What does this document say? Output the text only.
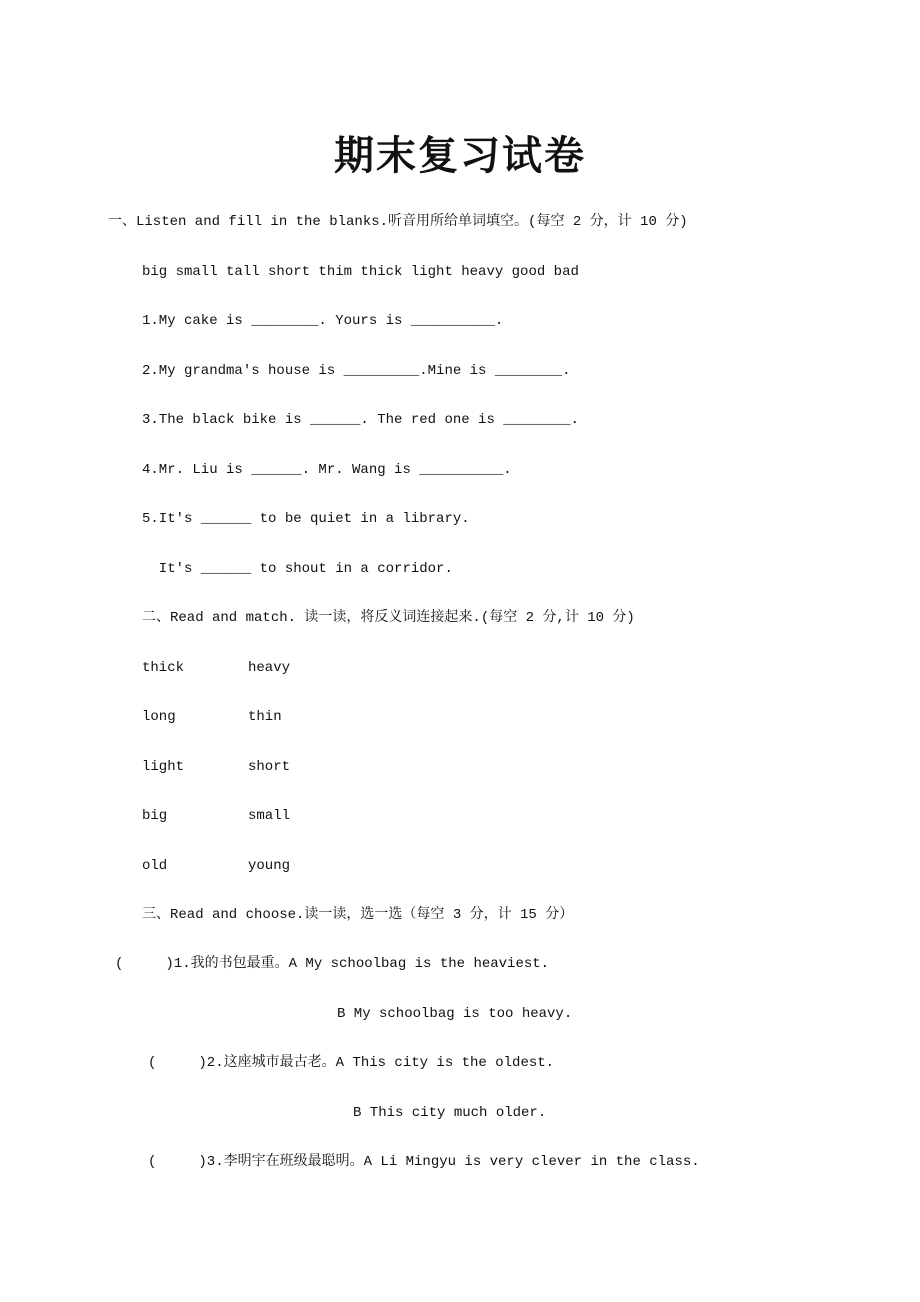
期末复习试卷
一、Listen and fill in the blanks.听音用所给单词填空。(每空 2 分，计 10 分)
big small tall short thim thick light heavy good bad
1.My cake is ________. Yours is __________.
2.My grandma's house is _________.Mine is ________.
3.The black bike is ______. The red one is ________.
4.Mr. Liu is ______. Mr. Wang is __________.
5.It's ______ to be quiet in a library.
It's ______ to shout in a corridor.
二、Read and match. 读一读，将反义词连接起来.(每空 2 分,计 10 分)
thick	heavy
long	thin
light	short
big	small
old	young
三、Read and choose.读一读，选一选（每空 3 分，计 15 分）
(     )1.我的书包最重。A My schoolbag is the heaviest.
B My schoolbag is too heavy.
(     )2.这座城市最古老。A This city is the oldest.
B This city much older.
(     )3.李明宇在班级最聪明。A Li Mingyu is very clever in the class.
